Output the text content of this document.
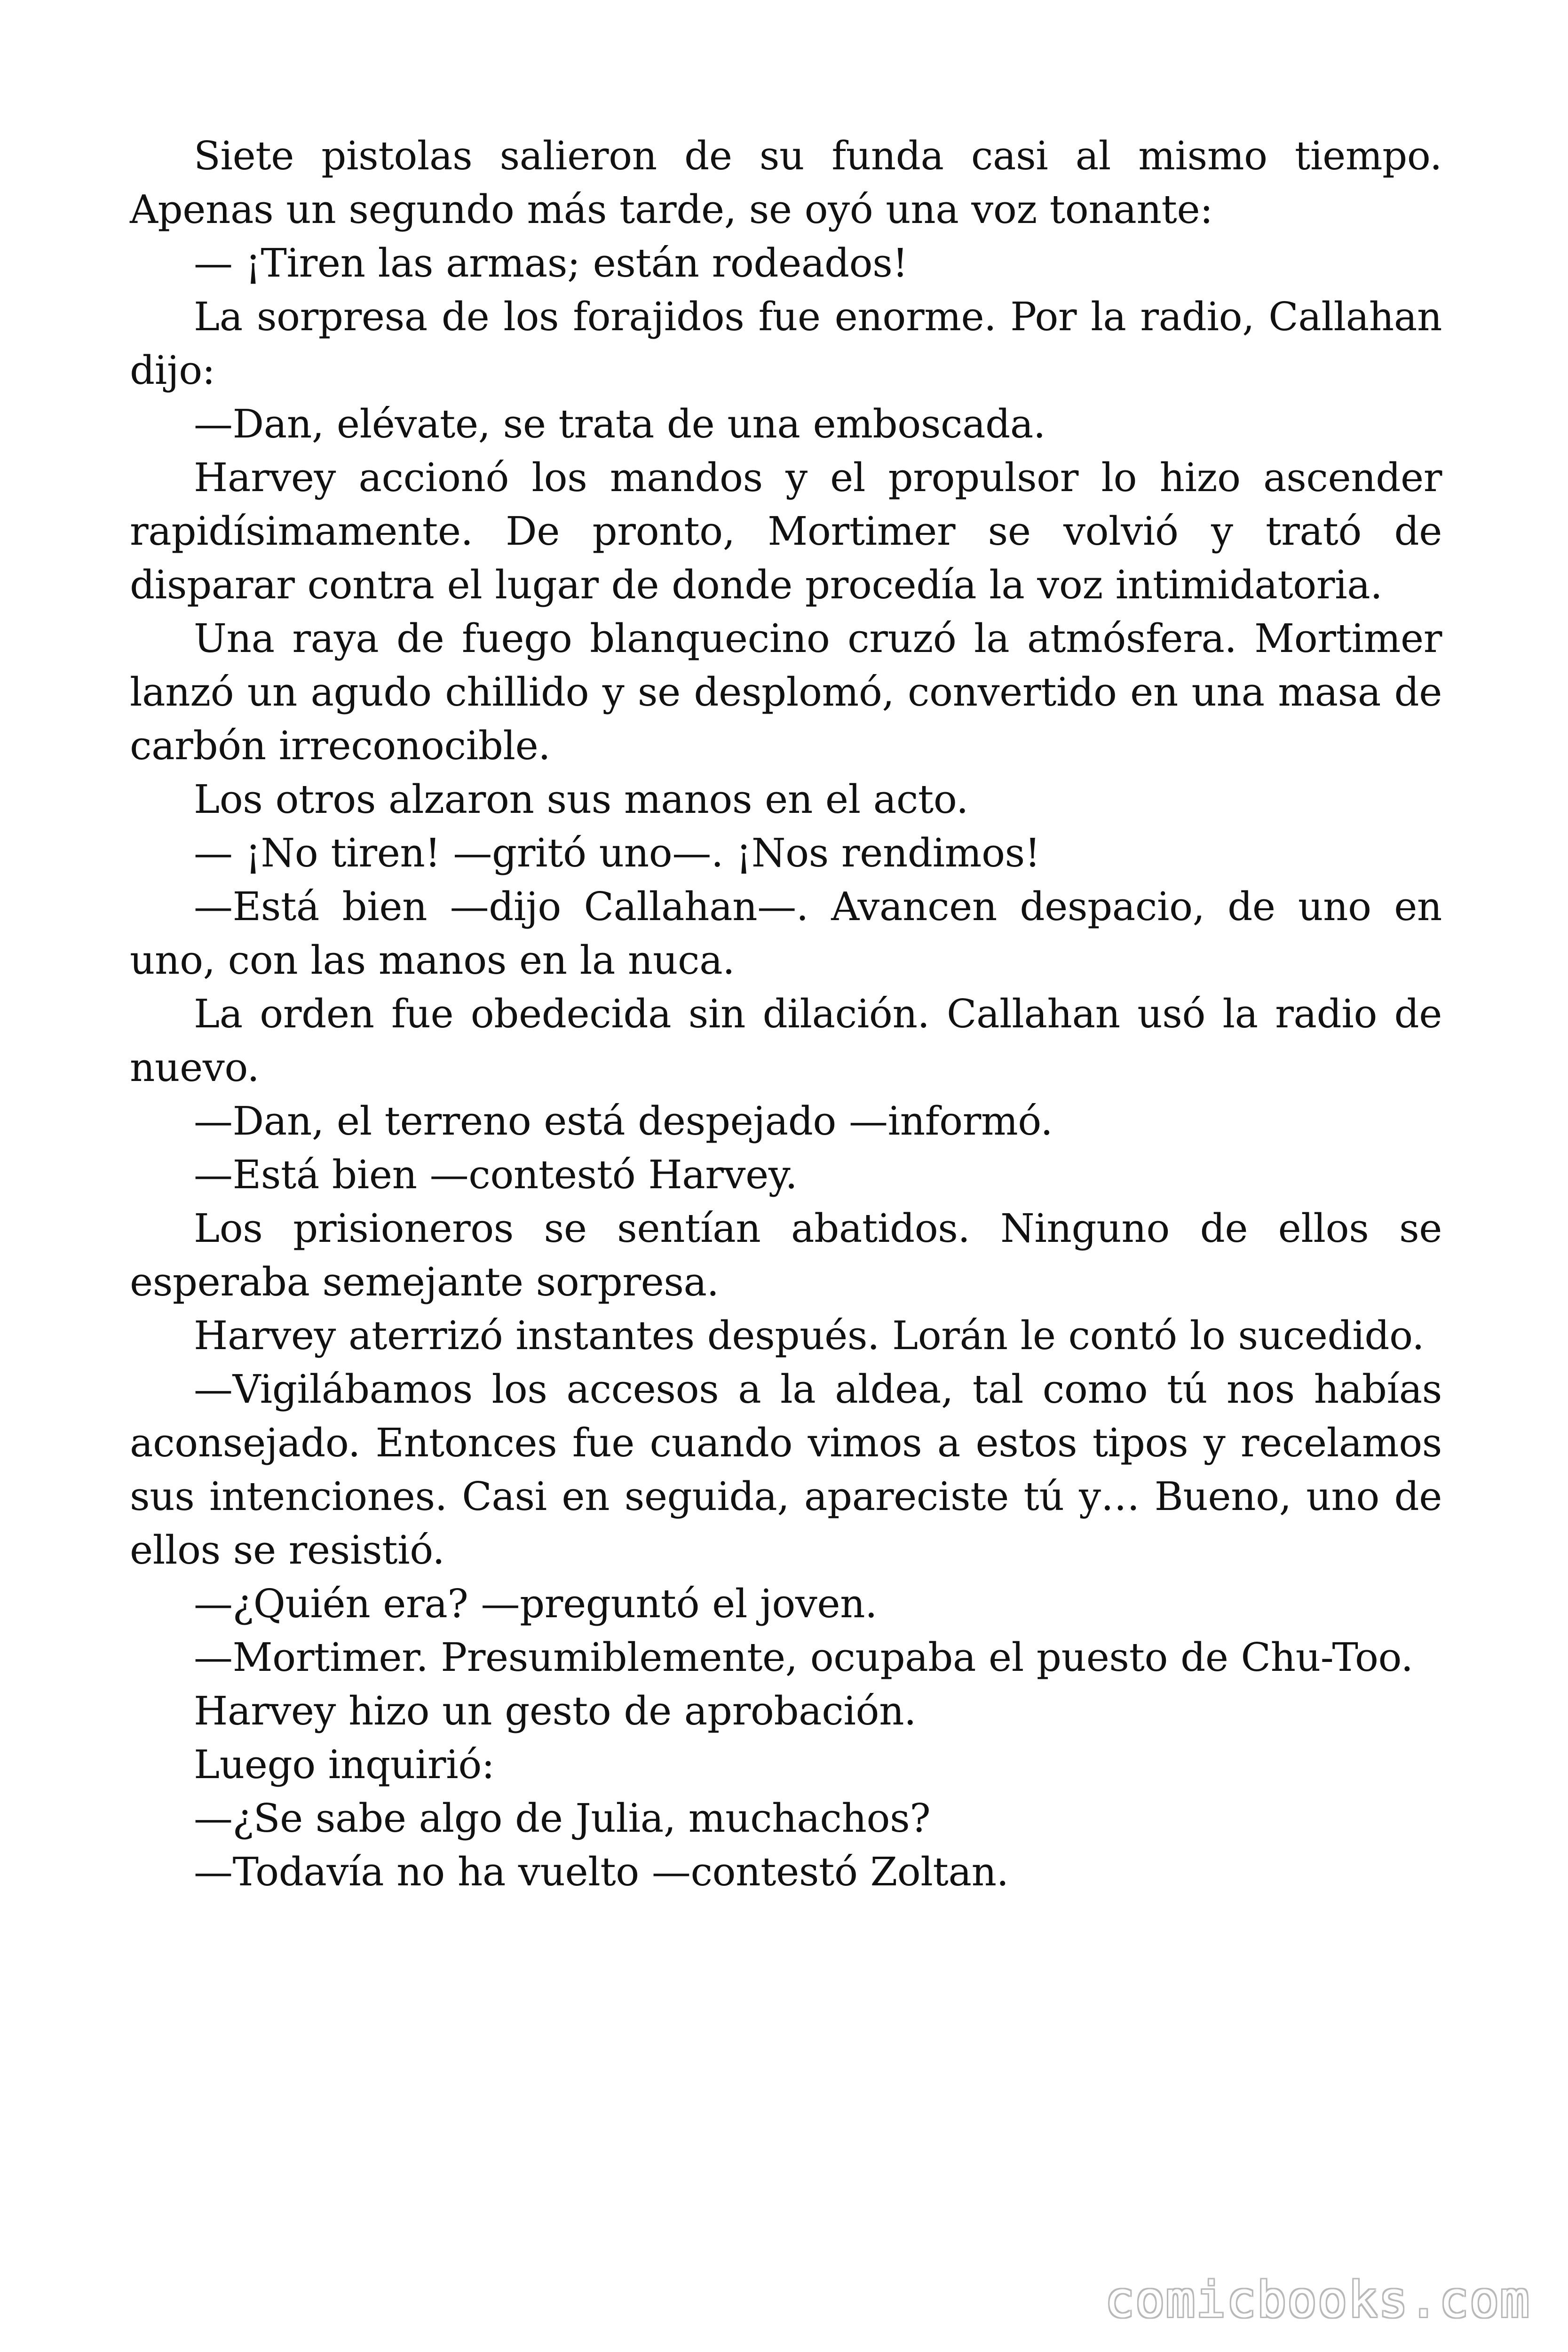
Siete pistolas salieron de su funda casi al mismo tiempo. Apenas un segundo más tarde, se oyó una voz tonante:

— ¡Tiren las armas; están rodeados!

La sorpresa de los forajidos fue enorme. Por la radio, Callahan dijo:

—Dan, elévate, se trata de una emboscada.

Harvey accionó los mandos y el propulsor lo hizo ascender rapidísimamente. De pronto, Mortimer se volvió y trató de disparar contra el lugar de donde procedía la voz intimidatoria.

Una raya de fuego blanquecino cruzó la atmósfera. Mortimer lanzó un agudo chillido y se desplomó, convertido en una masa de carbón irreconocible.

Los otros alzaron sus manos en el acto.

— ¡No tiren! —gritó uno—. ¡Nos rendimos!

—Está bien —dijo Callahan—. Avancen despacio, de uno en uno, con las manos en la nuca.

La orden fue obedecida sin dilación. Callahan usó la radio de nuevo.

—Dan, el terreno está despejado —informó.

—Está bien —contestó Harvey.

Los prisioneros se sentían abatidos. Ninguno de ellos se esperaba semejante sorpresa.

Harvey aterrizó instantes después. Lorán le contó lo sucedido.

—Vigilábamos los accesos a la aldea, tal como tú nos habías aconsejado. Entonces fue cuando vimos a estos tipos y recelamos sus intenciones. Casi en seguida, apareciste tú y… Bueno, uno de ellos se resistió.

—¿Quién era? —preguntó el joven.

—Mortimer. Presumiblemente, ocupaba el puesto de Chu-Too.

Harvey hizo un gesto de aprobación.

Luego inquirió:

—¿Se sabe algo de Julia, muchachos?

—Todavía no ha vuelto —contestó Zoltan.

comicbooks.com
